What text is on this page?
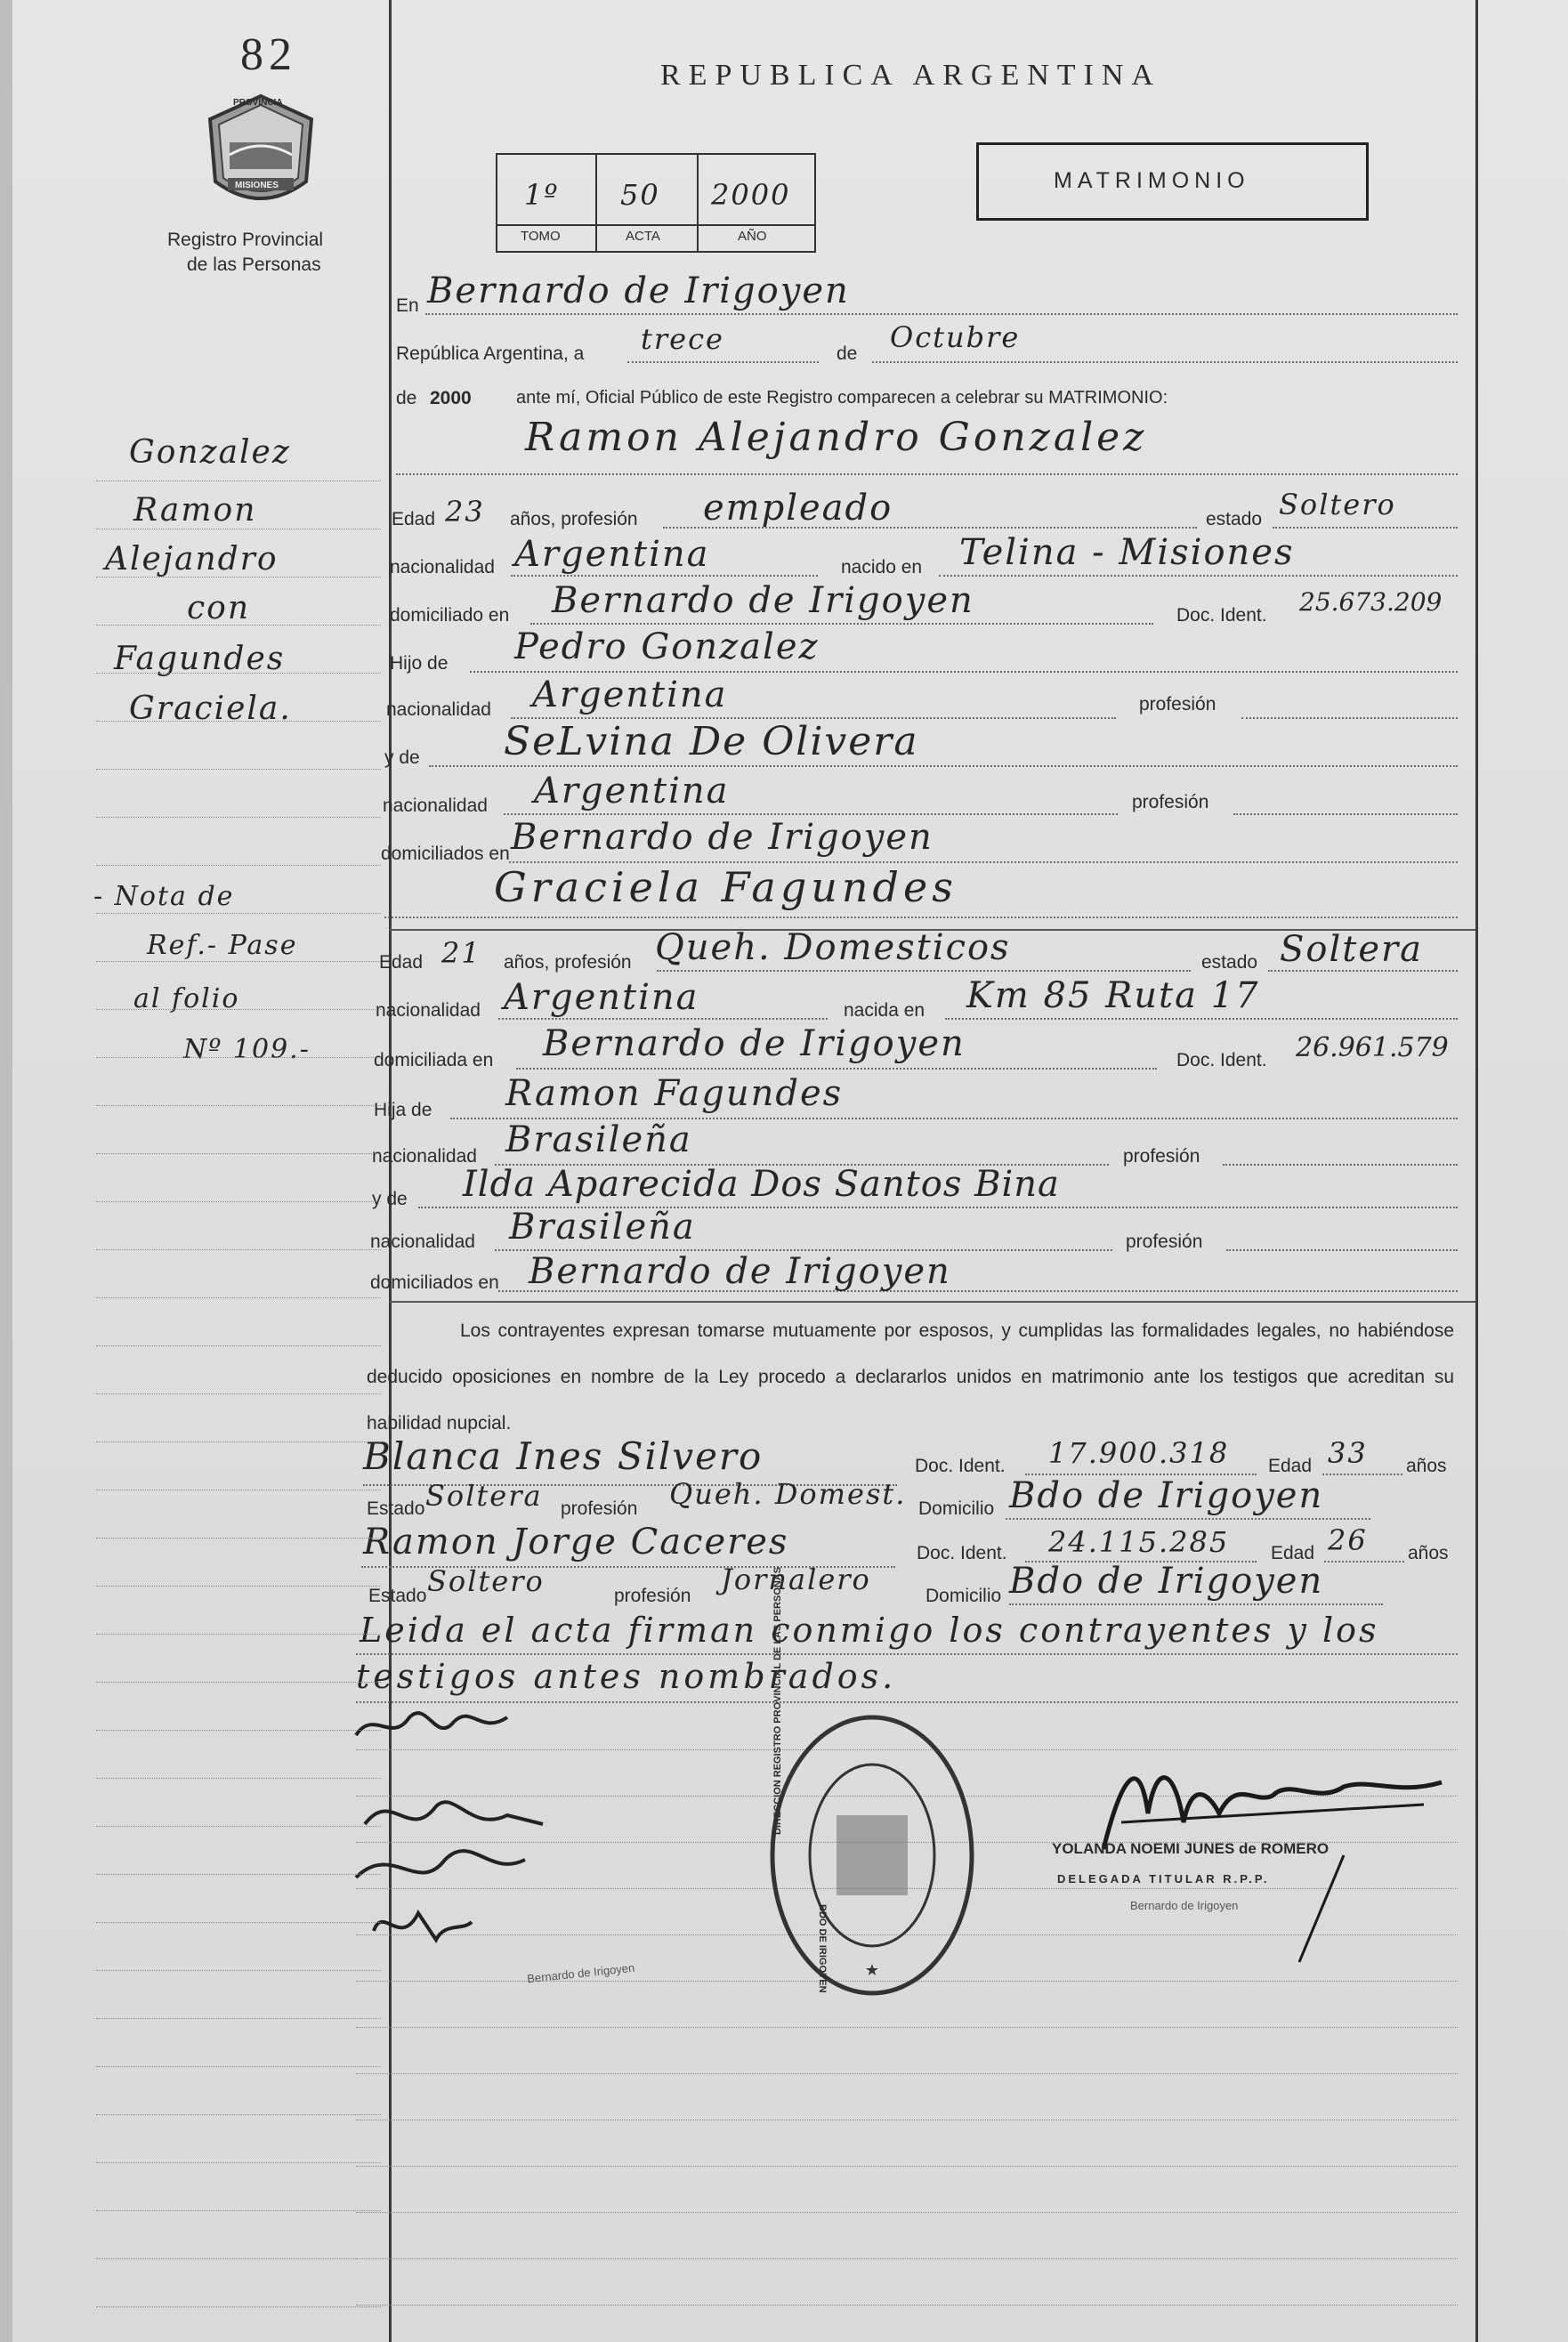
82
PROVINCIA
MISIONES
Registro Provincial
de las Personas
REPUBLICA ARGENTINA
1º 50 2000
TOMO	ACTA	AÑO
MATRIMONIO
En Bernardo de Irigoyen
República Argentina, a trece	de Octubre
de 2000	ante mí, Oficial Público de este Registro comparecen a celebrar su MATRIMONIO:
Ramon Alejandro Gonzalez
Edad 23 años, profesión empleado	estado Soltero
nacionalidad Argentina	nacido en Telina - Misiones
domiciliado en Bernardo de Irigoyen	Doc. Ident. 25.673.209
Hijo de Pedro Gonzalez
nacionalidad Argentina	profesión
y de SeLvina De Olivera
nacionalidad Argentina	profesión
domiciliados en Bernardo de Irigoyen
Graciela Fagundes
Edad 21 años, profesión Queh. Domesticos	estado Soltera
nacionalidad Argentina	nacida en Km 85 Ruta 17
domiciliada en Bernardo de Irigoyen	Doc. Ident. 26.961.579
Hija de Ramon Fagundes
nacionalidad Brasileña	profesión
y de Ilda Aparecida Dos Santos Bina
nacionalidad Brasileña	profesión
domiciliados en Bernardo de Irigoyen
Los contrayentes expresan tomarse mutuamente por esposos, y cumplidas las formalidades legales, no habiéndose deducido oposiciones en nombre de la Ley procedo a declararlos unidos en matrimonio ante los testigos que acreditan su habilidad nupcial.
Blanca Ines Silvero	Doc. Ident. 17.900.318 Edad 33 años
Estado Soltera profesión Queh. Domest. Domicilio Bdo de Irigoyen
Ramon Jorge Caceres	Doc. Ident. 24.115.285 Edad 26 años
Estado Soltero	profesión Jornalero	Domicilio Bdo de Irigoyen
Leida el acta firman conmigo los contrayentes y los
testigos antes nombrados.
YOLANDA NOEMI JUNES de ROMERO
DELEGADA TITULAR R.P.P.
Bernardo de Irigoyen
★
DIRECCION REGISTRO PROVINCIAL DE LAS PERSONAS
BDO DE IRIGOYEN
Bernardo de Irigoyen
Gonzalez
Ramon
Alejandro
con
Fagundes
Graciela.
- Nota de
Ref.- Pase
al folio
Nº 109.-
